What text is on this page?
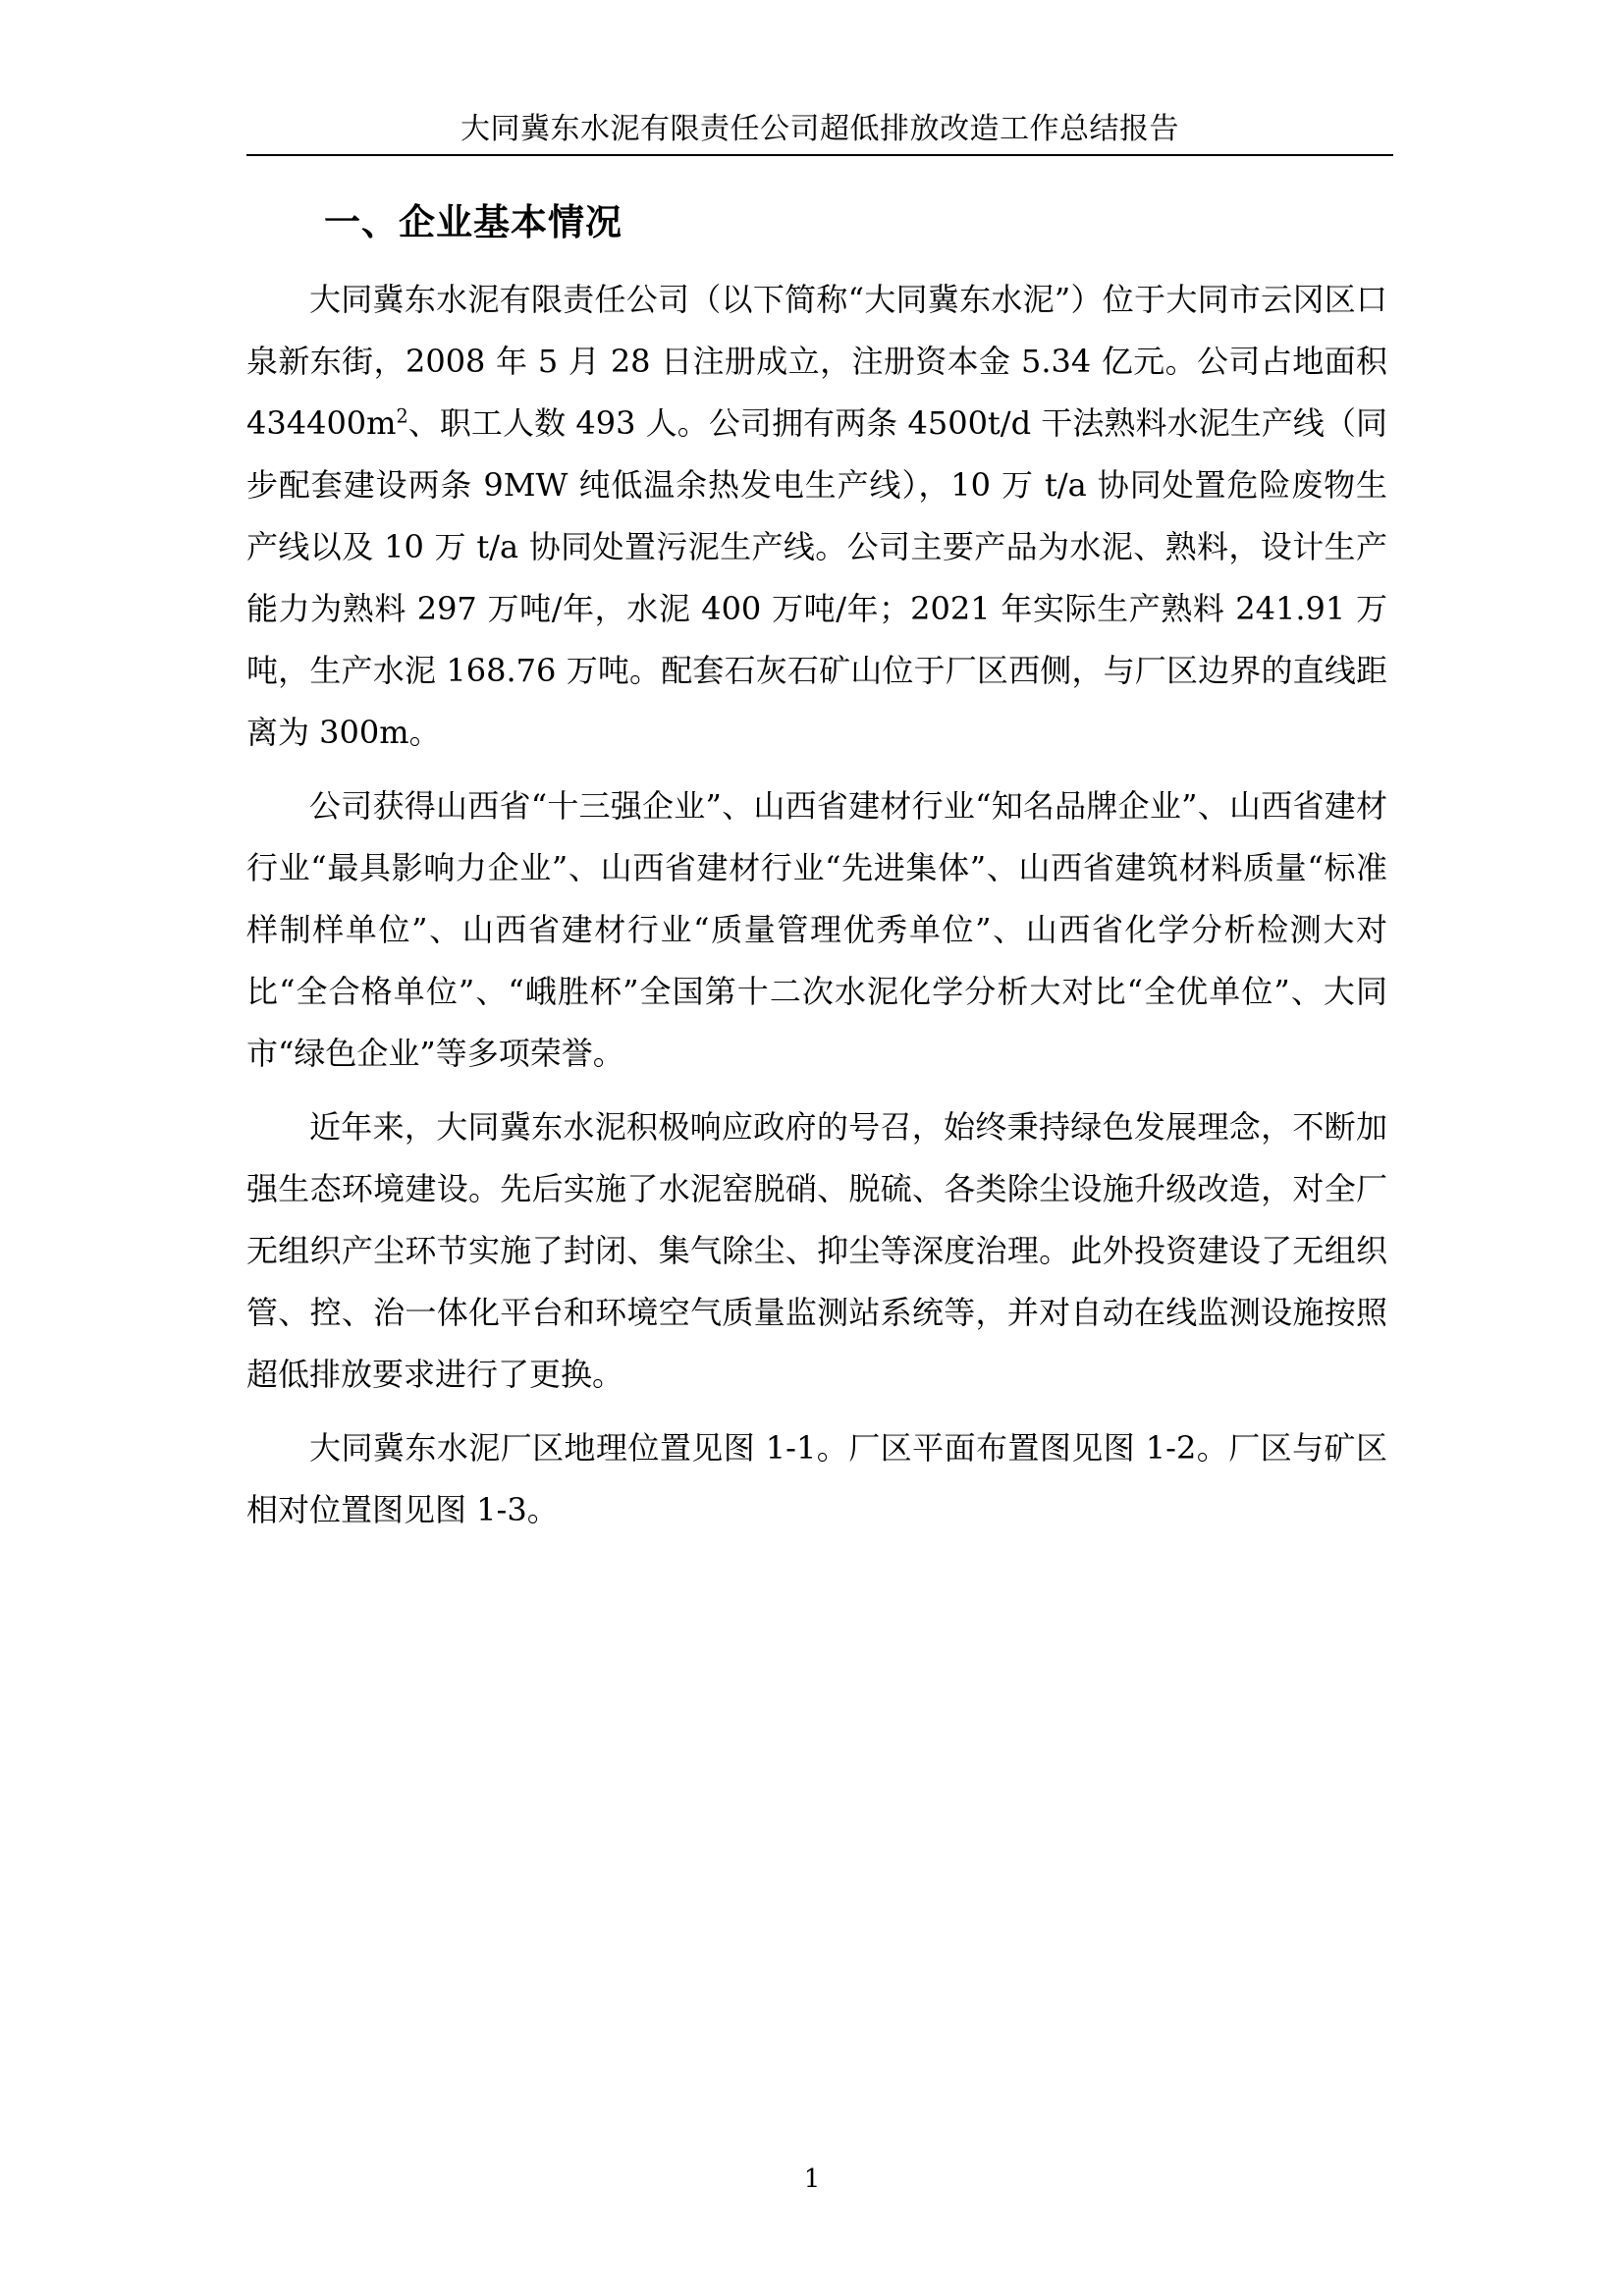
大同冀东水泥有限责任公司超低排放改造工作总结报告
一、企业基本情况

大同冀东水泥有限责任公司（以下简称“大同冀东水泥”）位于大同市云冈区口泉新东街，2008 年 5 月 28 日注册成立，注册资本金 5.34 亿元。公司占地面积 $434400m^2$、职工人数 493 人。公司拥有两条 4500t/d 干法熟料水泥生产线（同步配套建设两条 9MW 纯低温余热发电生产线），10 万 t/a 协同处置危险废物生产线以及 10 万 t/a 协同处置污泥生产线。公司主要产品为水泥、熟料，设计生产能力为熟料 297 万吨/年，水泥 400 万吨/年；2021 年实际生产熟料 241.91 万吨，生产水泥 168.76 万吨。配套石灰石矿山位于厂区西侧，与厂区边界的直线距离为 300m。

公司获得山西省“十三强企业”、山西省建材行业“知名品牌企业”、山西省建材行业“最具影响力企业”、山西省建材行业“先进集体”、山西省建筑材料质量“标准样制样单位”、山西省建材行业“质量管理优秀单位”、山西省化学分析检测大对比“全合格单位”、“峨胜杯”全国第十二次水泥化学分析大对比“全优单位”、大同市“绿色企业”等多项荣誉。

近年来，大同冀东水泥积极响应政府的号召，始终秉持绿色发展理念，不断加强生态环境建设。先后实施了水泥窑脱硝、脱硫、各类除尘设施升级改造，对全厂无组织产尘环节实施了封闭、集气除尘、抑尘等深度治理。此外投资建设了无组织管、控、治一体化平台和环境空气质量监测站系统等，并对自动在线监测设施按照超低排放要求进行了更换。

大同冀东水泥厂区地理位置见图 1-1。厂区平面布置图见图 1-2。厂区与矿区相对位置图见图 1-3。

1
